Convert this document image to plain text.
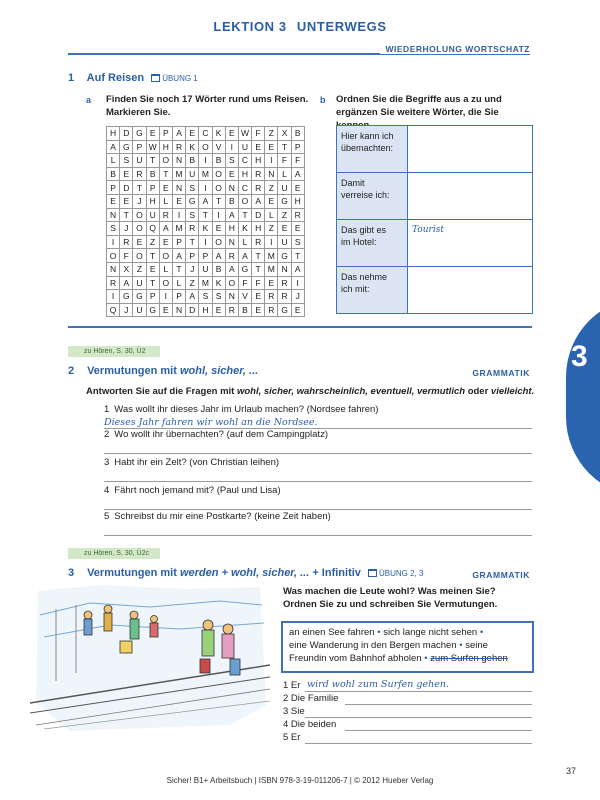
LEKTION 3 UNTERWEGS
WIEDERHOLUNG WORTSCHATZ
3
1 Auf Reisen ÜBUNG 1
a Finden Sie noch 17 Wörter rund ums Reisen.
Markieren Sie.
b Ordnen Sie die Begriffe aus a zu und
ergänzen Sie weitere Wörter, die Sie
H	D	G	E	P	A	E	C	K	E	W	F	Z	X	B
A	G	P	W	H	R	K	O	V	I	U	E	E	T	P
L	S	U	T	O	N	B	I	B	S	C	H	I	F	F
B	E	R	B	T	M	U	M	O	E	H	R	N	L	A
P	D	T	P	E	N	S	I	O	N	C	R	Z	U	E
E	E	J	H	L	E	G	A	T	B	O	A	E	G	H
N	T	O	U	R	I	S	T	I	A	T	D	L	Z	R
S	J	O	Q	A	M	R	K	E	H	K	H	Z	E	E
I	R	E	Z	E	P	T	I	O	N	L	R	I	U	S
O	F	O	T	O	A	P	P	A	R	A	T	M	G	T
N	X	Z	E	L	T	J	U	B	A	G	T	M	N	A
R	A	U	T	O	L	Z	M	K	O	F	F	E	R	I
I	G	G	P	I	P	A	S	S	N	V	E	R	R	J
Q	J	U	G	E	N	D	H	E	R	B	E	R	G	E
Hier kann ich
übemachten:	

Damit
verreise ich:	

Das gibt es
im Hotel:	Tourist

Das nehme
ich mit:	

zu Hören, S. 30, Ü2
2 Vermutungen mit wohl, sicher, ...	GRAMMATIK
Antworten Sie auf die Fragen mit wohl, sicher, wahrscheinlich, eventuell, vermutlich oder vielleicht.
1 Was wollt ihr dieses Jahr im Urlaub machen? (Nordsee fahren)
Dieses Jahr fahren wir wohl an die Nordsee.
2 Wo wollt ihr übernachten? (auf dem Campingplatz)
3 Habt ihr ein Zelt? (von Christian leihen)
4 Fährt noch jemand mit? (Paul und Lisa)
5 Schreibst du mir eine Postkarte? (keine Zeit haben)
zu Hören, S. 30, Ü2c
3 Vermutungen mit werden + wohl, sicher, ... + Infinitiv ÜBUNG 2, 3	GRAMMATIK
Was machen die Leute wohl? Was meinen Sie?
Ordnen Sie zu und schreiben Sie Vermutungen.
an einen See fahren • sich lange nicht sehen •
eine Wanderung in den Bergen machen • seine
Freundin vom Bahnhof abholen • zum Surfen gehen
1 Er wird wohl zum Surfen gehen.
2 Die Familie
3 Sie
4 Die beiden
5 Er
37
Sicher! B1+ Arbeitsbuch | ISBN 978-3-19-011206-7 | © 2012 Hueber Verlag
